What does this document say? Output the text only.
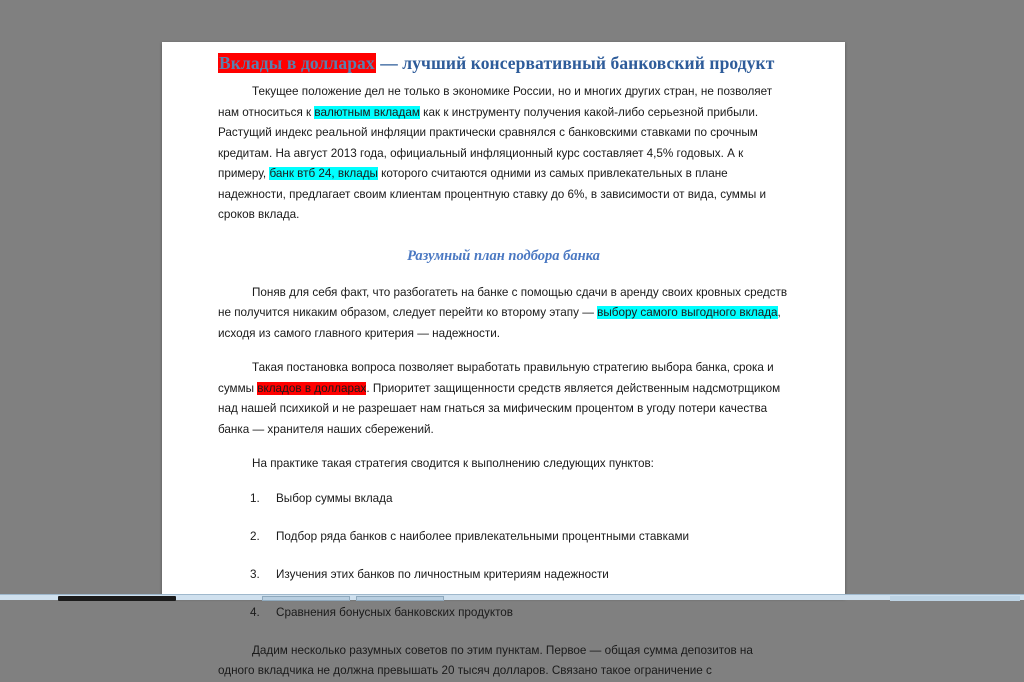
Вклады в долларах — лучший консервативный банковский продукт

Текущее положение дел не только в экономике России, но и многих других стран, не позволяет нам относиться к валютным вкладам как к инструменту получения какой-либо серьезной прибыли. Растущий индекс реальной инфляции практически сравнялся с банковскими ставками по срочным кредитам. На август 2013 года, официальный инфляционный курс составляет 4,5% годовых. А к примеру, банк втб 24, вклады которого считаются одними из самых привлекательных в плане надежности, предлагает своим клиентам процентную ставку до 6%, в зависимости от вида, суммы и сроков вклада.

Разумный план подбора банка

Поняв для себя факт, что разбогатеть на банке с помощью сдачи в аренду своих кровных средств не получится никаким образом, следует перейти ко второму этапу — выбору самого выгодного вклада, исходя из самого главного критерия — надежности.

Такая постановка вопроса позволяет выработать правильную стратегию выбора банка, срока и суммы вкладов в долларах. Приоритет защищенности средств является действенным надсмотрщиком над нашей психикой и не разрешает нам гнаться за мифическим процентом в угоду потери качества банка — хранителя наших сбережений.

На практике такая стратегия сводится к выполнению следующих пунктов:

Выбор суммы вклада
Подбор ряда банков с наиболее привлекательными процентными ставками
Изучения этих банков по личностным критериям надежности
Сравнения бонусных банковских продуктов

Дадим несколько разумных советов по этим пунктам. Первое — общая сумма депозитов на одного вкладчика не должна превышать 20 тысяч долларов. Связано такое ограничение с
